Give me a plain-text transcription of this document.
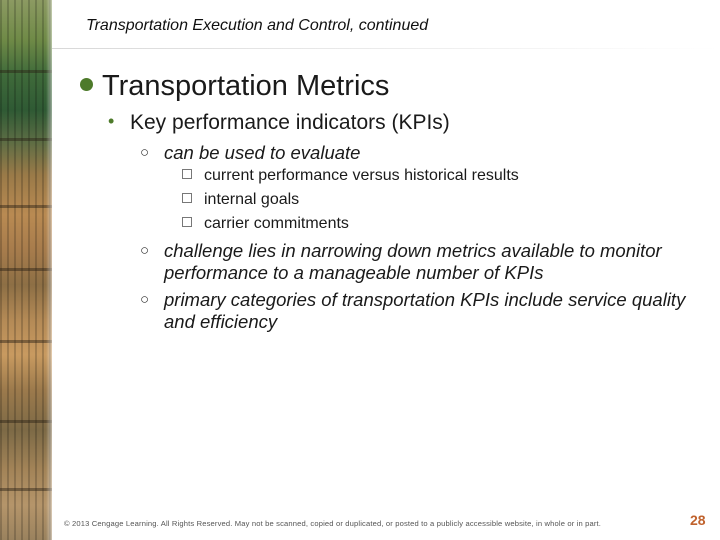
Transportation Execution and Control, continued
Transportation Metrics
• Key performance indicators (KPIs)
○ can be used to evaluate
current performance versus historical results
internal goals
carrier commitments
○ challenge lies in narrowing down metrics available to monitor performance to a manageable number of KPIs
○ primary categories of transportation KPIs include service quality and efficiency
© 2013 Cengage Learning. All Rights Reserved. May not be scanned, copied or duplicated, or posted to a publicly accessible website, in whole or in part.	28
